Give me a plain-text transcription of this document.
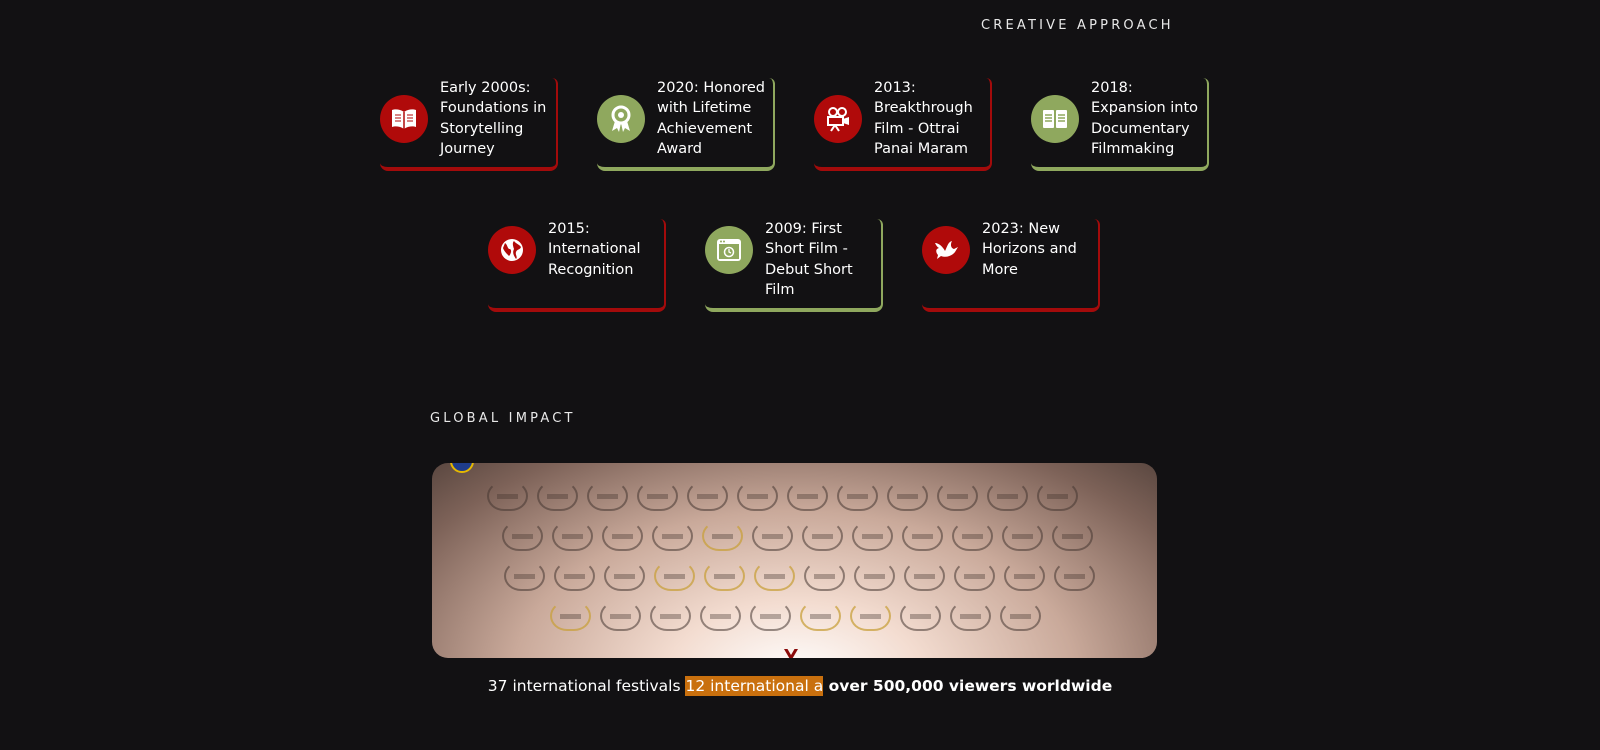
CREATIVE APPROACH
Early 2000s: Foundations in Storytelling Journey
2020: Honored with Lifetime Achievement Award
2013: Breakthrough Film - Ottrai Panai Maram
2018: Expansion into Documentary Filmmaking
2015: International Recognition
2009: First Short Film -Debut Short Film
2023: New Horizons and More
GLOBAL IMPACT
37 international festivals 12 international a over 500,000 viewers worldwide
